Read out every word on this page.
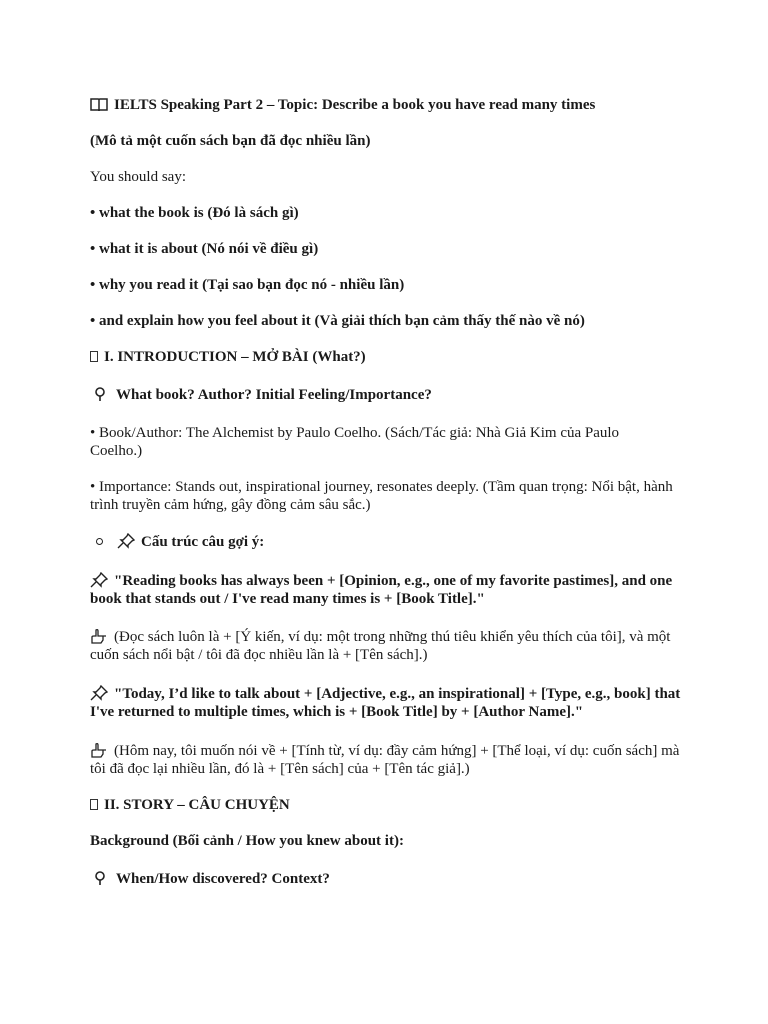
IELTS Speaking Part 2 – Topic: Describe a book you have read many times
(Mô tả một cuốn sách bạn đã đọc nhiều lần)
You should say:
• what the book is (Đó là sách gì)
• what it is about (Nó nói về điều gì)
• why you read it (Tại sao bạn đọc nó - nhiều lần)
• and explain how you feel about it (Và giải thích bạn cảm thấy thế nào về nó)
I. INTRODUCTION – MỞ BÀI (What?)
What book? Author? Initial Feeling/Importance?
• Book/Author: The Alchemist by Paulo Coelho. (Sách/Tác giả: Nhà Giả Kim của Paulo Coelho.)
• Importance: Stands out, inspirational journey, resonates deeply. (Tầm quan trọng: Nổi bật, hành trình truyền cảm hứng, gây đồng cảm sâu sắc.)
Cấu trúc câu gợi ý:
"Reading books has always been + [Opinion, e.g., one of my favorite pastimes], and one book that stands out / I've read many times is + [Book Title]."
(Đọc sách luôn là + [Ý kiến, ví dụ: một trong những thú tiêu khiển yêu thích của tôi], và một cuốn sách nổi bật / tôi đã đọc nhiều lần là + [Tên sách].)
"Today, I’d like to talk about + [Adjective, e.g., an inspirational] + [Type, e.g., book] that I've returned to multiple times, which is + [Book Title] by + [Author Name]."
(Hôm nay, tôi muốn nói về + [Tính từ, ví dụ: đầy cảm hứng] + [Thể loại, ví dụ: cuốn sách] mà tôi đã đọc lại nhiều lần, đó là + [Tên sách] của + [Tên tác giả].)
II. STORY – CÂU CHUYỆN
Background (Bối cảnh / How you knew about it):
When/How discovered? Context?
